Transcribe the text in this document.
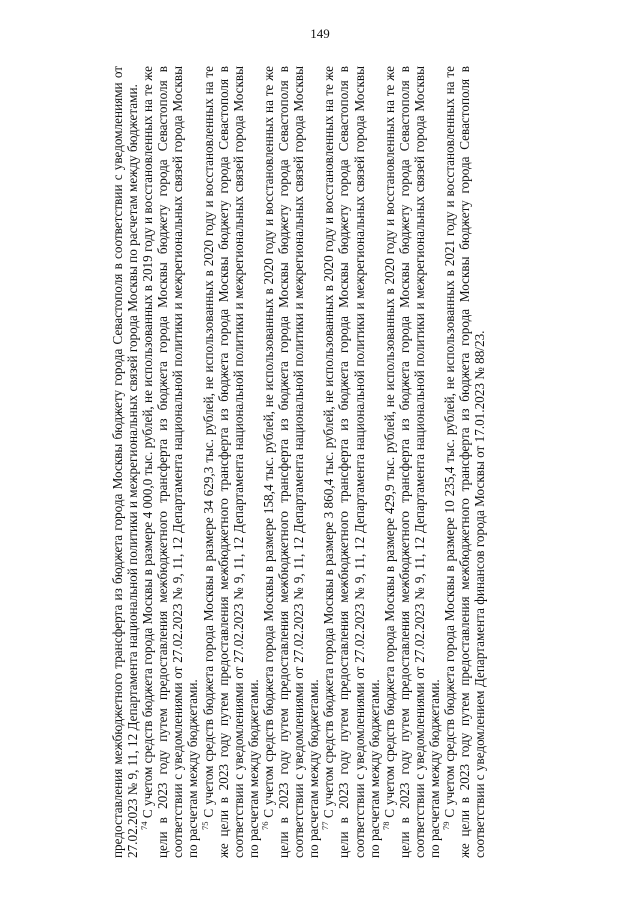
149

предоставления межбюджетного трансферта из бюджета города Москвы бюджету города Севастополя в соответствии с уведомлениями от 27.02.2023 № 9, 11, 12 Департамента национальной политики и межрегиональных связей города Москвы по расчетам между бюджетами. $^{74}$ С учетом средств бюджета города Москвы в размере 4 000,0 тыс. рублей, не использованных в 2019 году и восстановленных на те же цели в 2023 году путем предоставления межбюджетного трансферта из бюджета города Москвы бюджету города Севастополя в соответствии с уведомлениями от 27.02.2023 № 9, 11, 12 Департамента национальной политики и межрегиональных связей города Москвы по расчетам между бюджетами. $^{75}$ С учетом средств бюджета города Москвы в размере 34 629,3 тыс. рублей, не использованных в 2020 году и восстановленных на те же цели в 2023 году путем предоставления межбюджетного трансферта из бюджета города Москвы бюджету города Севастополя в соответствии с уведомлениями от 27.02.2023 № 9, 11, 12 Департамента национальной политики и межрегиональных связей города Москвы по расчетам между бюджетами. $^{76}$ С учетом средств бюджета города Москвы в размере 158,4 тыс. рублей, не использованных в 2020 году и восстановленных на те же цели в 2023 году путем предоставления межбюджетного трансферта из бюджета города Москвы бюджету города Севастополя в соответствии с уведомлениями от 27.02.2023 № 9, 11, 12 Департамента национальной политики и межрегиональных связей города Москвы по расчетам между бюджетами. $^{77}$ С учетом средств бюджета города Москвы в размере 3 860,4 тыс. рублей, не использованных в 2020 году и восстановленных на те же цели в 2023 году путем предоставления межбюджетного трансферта из бюджета города Москвы бюджету города Севастополя в соответствии с уведомлениями от 27.02.2023 № 9, 11, 12 Департамента национальной политики и межрегиональных связей города Москвы по расчетам между бюджетами. $^{78}$ С учетом средств бюджета города Москвы в размере 429,9 тыс. рублей, не использованных в 2020 году и восстановленных на те же цели в 2023 году путем предоставления межбюджетного трансферта из бюджета города Москвы бюджету города Севастополя в соответствии с уведомлениями от 27.02.2023 № 9, 11, 12 Департамента национальной политики и межрегиональных связей города Москвы по расчетам между бюджетами. $^{79}$ С учетом средств бюджета города Москвы в размере 10 235,4 тыс. рублей, не использованных в 2021 году и восстановленных на те же цели в 2023 году путем предоставления межбюджетного трансферта из бюджета города Москвы бюджету города Севастополя в соответствии с уведомлением Департамента финансов города Москвы от 17.01.2023 № 88/23.
